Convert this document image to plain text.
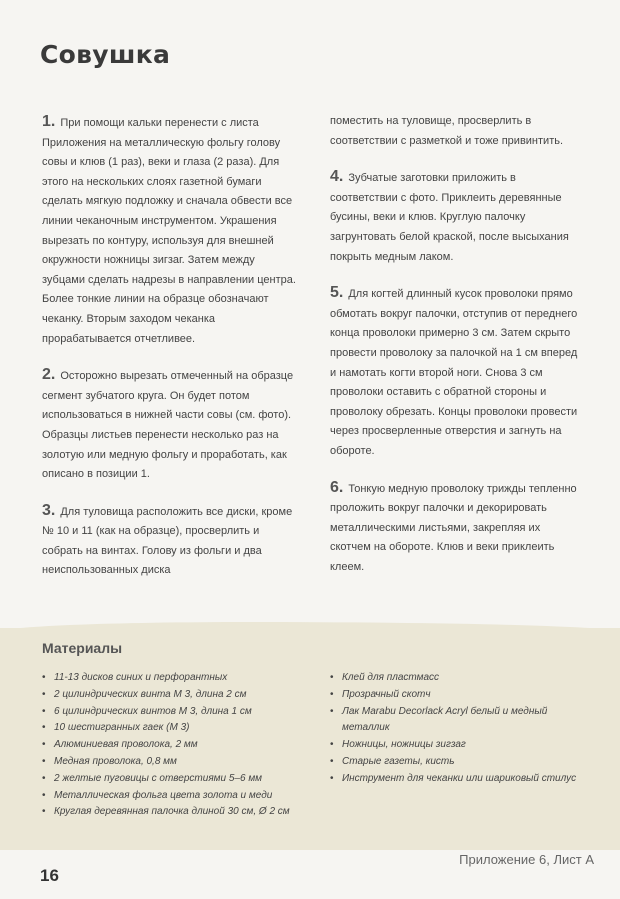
Совушка

1. При помощи кальки перенести с листа Приложения на металлическую фольгу голову совы и клюв (1 раз), веки и глаза (2 раза). Для этого на нескольких слоях газетной бумаги сделать мягкую подложку и сначала обвести все линии чеканочным инструментом. Украшения вырезать по контуру, используя для внешней окружности ножницы зигзаг. Затем между зубцами сделать надрезы в направлении центра. Более тонкие линии на образце обозначают чеканку. Вторым заходом чеканка прорабатывается отчетливее.

2. Осторожно вырезать отмеченный на образце сегмент зубчатого круга. Он будет потом использоваться в нижней части совы (см. фото). Образцы листьев перенести несколько раз на золотую или медную фольгу и проработать, как описано в позиции 1.

3. Для туловища расположить все диски, кроме № 10 и 11 (как на образце), просверлить и собрать на винтах. Голову из фольги и два неиспользованных диска

поместить на туловище, просверлить в соответствии с разметкой и тоже привинтить.

4. Зубчатые заготовки приложить в соответствии с фото. Приклеить деревянные бусины, веки и клюв. Круглую палочку загрунтовать белой краской, после высыхания покрыть медным лаком.

5. Для когтей длинный кусок проволоки прямо обмотать вокруг палочки, отступив от переднего конца проволоки примерно 3 см. Затем скрыто провести проволоку за палочкой на 1 см вперед и намотать когти второй ноги. Снова 3 см проволоки оставить с обратной стороны и проволоку обрезать. Концы проволоки провести через просверленные отверстия и загнуть на обороте.

6. Тонкую медную проволоку трижды тепленно проложить вокруг палочки и декорировать металлическими листьями, закрепляя их скотчем на обороте. Клюв и веки приклеить клеем.

Материалы
• 11-13 дисков синих и перфорантных
• 2 цилиндрических винта М 3, длина 2 см
• 6 цилиндрических винтов М 3, длина 1 см
• 10 шестигранных гаек (М 3)
• Алюминиевая проволока, 2 мм
• Медная проволока, 0,8 мм
• 2 желтые пуговицы с отверстиями 5–6 мм
• Металлическая фольга цвета золота и меди
• Круглая деревянная палочка длиной 30 см, Ø 2 см
• Клей для пластмасс
• Прозрачный скотч
• Лак Marabu Decorlack Acryl белый и медный металлик
• Ножницы, ножницы зигзаг
• Старые газеты, кисть
• Инструмент для чеканки или шариковый стилус
Приложение 6, Лист А
16
